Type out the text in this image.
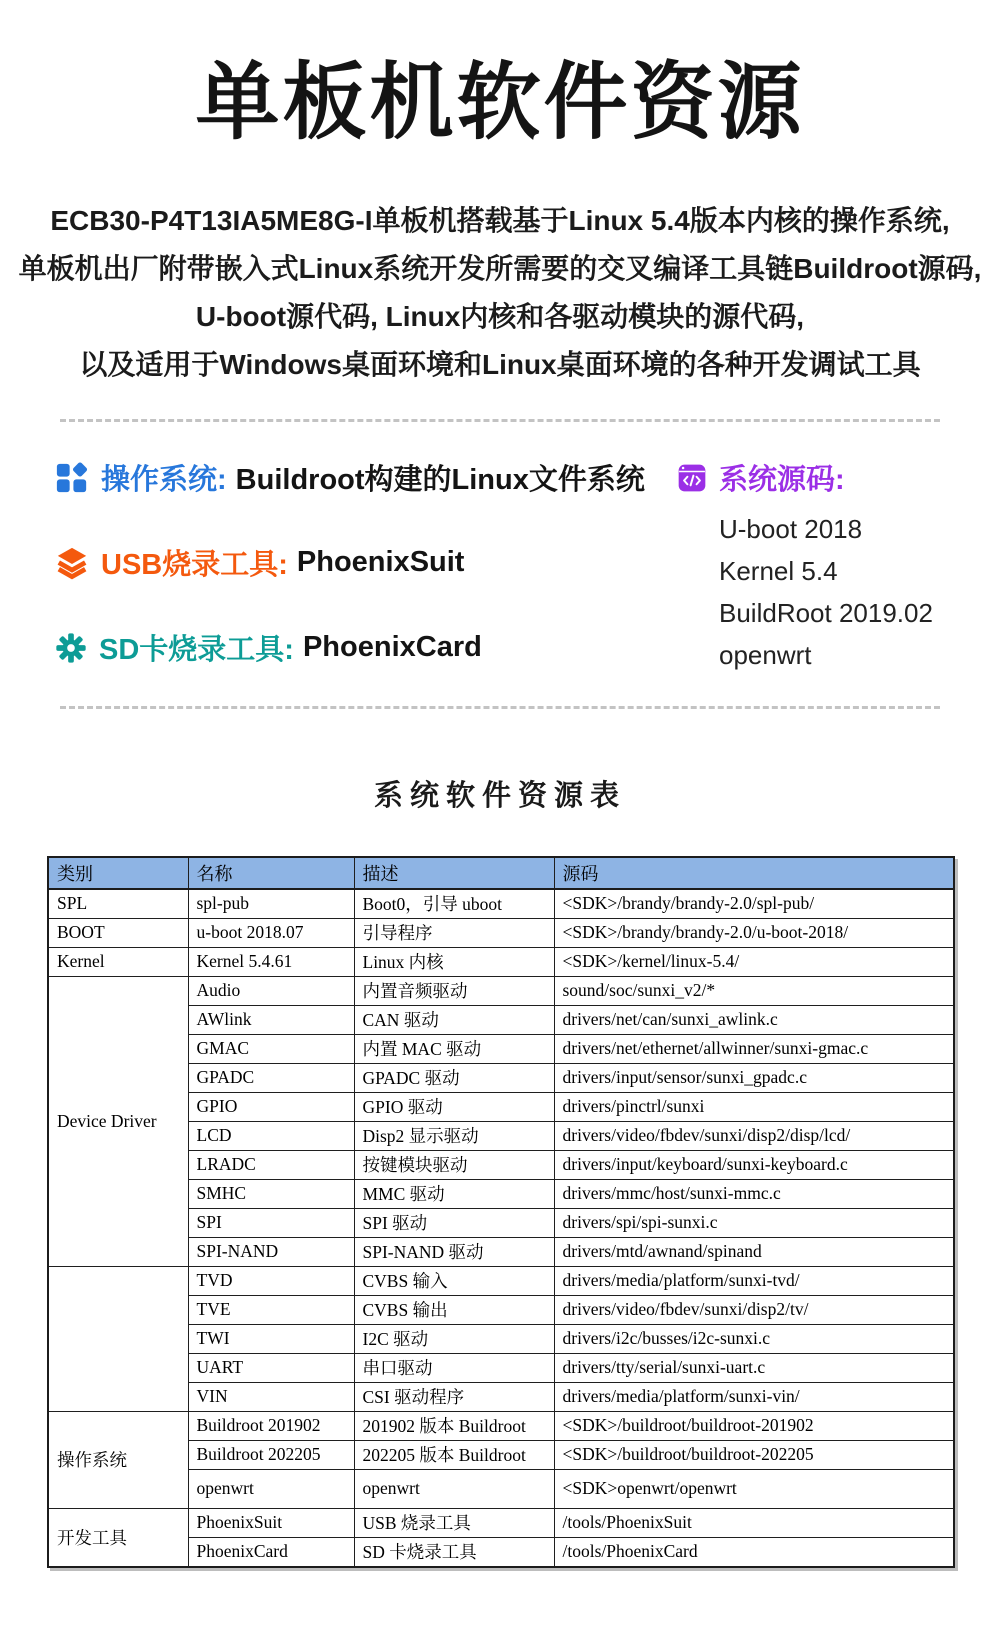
单板机软件资源
ECB30-P4T13IA5ME8G-I单板机搭载基于Linux 5.4版本内核的操作系统,
单板机出厂附带嵌入式Linux系统开发所需要的交叉编译工具链Buildroot源码,
U-boot源代码, Linux内核和各驱动模块的源代码,
以及适用于Windows桌面环境和Linux桌面环境的各种开发调试工具
操作系统: Buildroot构建的Linux文件系统
USB烧录工具: PhoenixSuit
SD卡烧录工具: PhoenixCard
系统源码:
U-boot 2018
Kernel 5.4
BuildRoot 2019.02
openwrt
系统软件资源表
类别	名称	描述	源码
SPL	spl-pub	Boot0，引导 uboot	<SDK>/brandy/brandy-2.0/spl-pub/
BOOT	u-boot 2018.07	引导程序	<SDK>/brandy/brandy-2.0/u-boot-2018/
Kernel	Kernel 5.4.61	Linux 内核	<SDK>/kernel/linux-5.4/
Device Driver	Audio	内置音频驱动	sound/soc/sunxi_v2/*
	AWlink	CAN 驱动	drivers/net/can/sunxi_awlink.c
	GMAC	内置 MAC 驱动	drivers/net/ethernet/allwinner/sunxi-gmac.c
	GPADC	GPADC 驱动	drivers/input/sensor/sunxi_gpadc.c
	GPIO	GPIO 驱动	drivers/pinctrl/sunxi
	LCD	Disp2 显示驱动	drivers/video/fbdev/sunxi/disp2/disp/lcd/
	LRADC	按键模块驱动	drivers/input/keyboard/sunxi-keyboard.c
	SMHC	MMC 驱动	drivers/mmc/host/sunxi-mmc.c
	SPI	SPI 驱动	drivers/spi/spi-sunxi.c
	SPI-NAND	SPI-NAND 驱动	drivers/mtd/awnand/spinand
	TVD	CVBS 输入	drivers/media/platform/sunxi-tvd/
	TVE	CVBS 输出	drivers/video/fbdev/sunxi/disp2/tv/
	TWI	I2C 驱动	drivers/i2c/busses/i2c-sunxi.c
	UART	串口驱动	drivers/tty/serial/sunxi-uart.c
	VIN	CSI 驱动程序	drivers/media/platform/sunxi-vin/
操作系统	Buildroot 201902	201902 版本 Buildroot	<SDK>/buildroot/buildroot-201902
	Buildroot 202205	202205 版本 Buildroot	<SDK>/buildroot/buildroot-202205
	openwrt	openwrt	<SDK>openwrt/openwrt
开发工具	PhoenixSuit	USB 烧录工具	/tools/PhoenixSuit
	PhoenixCard	SD 卡烧录工具	/tools/PhoenixCard
